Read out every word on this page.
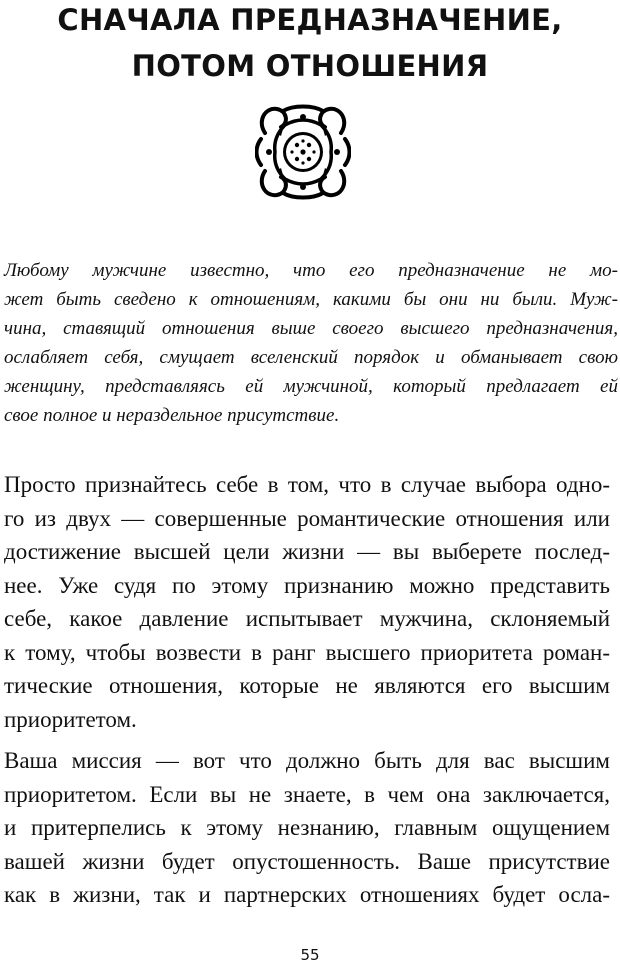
СНАЧАЛА ПРЕДНАЗНАЧЕНИЕ,
ПОТОМ ОТНОШЕНИЯ
Любому мужчине известно, что его предназначение не мо-
жет быть сведено к отношениям, какими бы они ни были. Муж-
чина, ставящий отношения выше своего высшего предназначения,
ослабляет себя, смущает вселенский порядок и обманывает свою
женщину, представляясь ей мужчиной, который предлагает ей
свое полное и нераздельное присутствие.
Просто признайтесь себе в том, что в случае выбора одно-
го из двух — совершенные романтические отношения или
достижение высшей цели жизни — вы выберете послед-
нее. Уже судя по этому признанию можно представить
себе, какое давление испытывает мужчина, склоняемый
к тому, чтобы возвести в ранг высшего приоритета роман-
тические отношения, которые не являются его высшим
приоритетом.
Ваша миссия — вот что должно быть для вас высшим
приоритетом. Если вы не знаете, в чем она заключается,
и притерпелись к этому незнанию, главным ощущением
вашей жизни будет опустошенность. Ваше присутствие
как в жизни, так и партнерских отношениях будет осла-
55
